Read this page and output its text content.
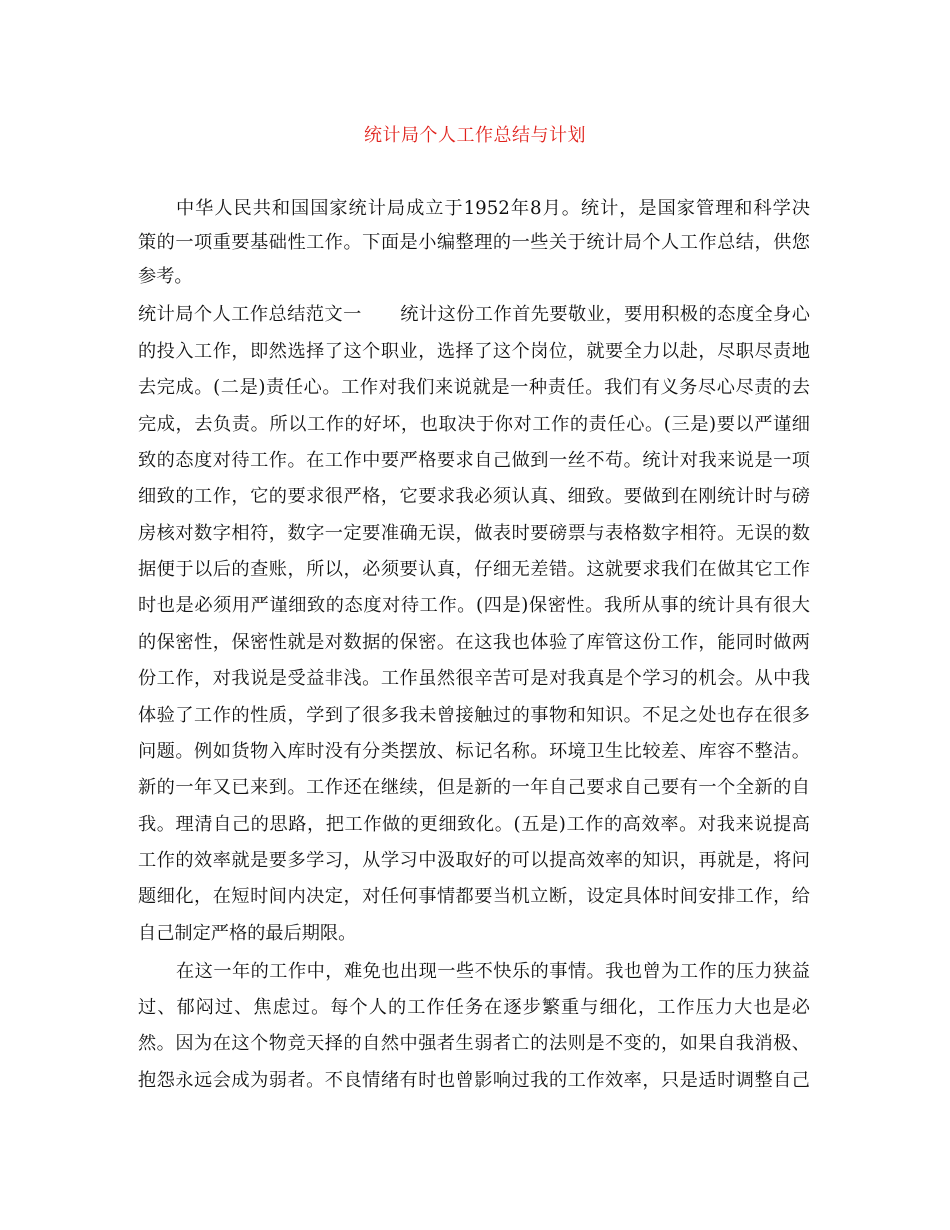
统计局个人工作总结与计划
中华人民共和国国家统计局成立于1952年8月。统计，是国家管理和科学决
策的一项重要基础性工作。下面是小编整理的一些关于统计局个人工作总结，供您
参考。
统计局个人工作总结范文一 统计这份工作首先要敬业，要用积极的态度全身心
的投入工作，即然选择了这个职业，选择了这个岗位，就要全力以赴，尽职尽责地
去完成。(二是)责任心。工作对我们来说就是一种责任。我们有义务尽心尽责的去
完成，去负责。所以工作的好坏，也取决于你对工作的责任心。(三是)要以严谨细
致的态度对待工作。在工作中要严格要求自己做到一丝不苟。统计对我来说是一项
细致的工作，它的要求很严格，它要求我必须认真、细致。要做到在刚统计时与磅
房核对数字相符，数字一定要准确无误，做表时要磅票与表格数字相符。无误的数
据便于以后的查账，所以，必须要认真，仔细无差错。这就要求我们在做其它工作
时也是必须用严谨细致的态度对待工作。(四是)保密性。我所从事的统计具有很大
的保密性，保密性就是对数据的保密。在这我也体验了库管这份工作，能同时做两
份工作，对我说是受益非浅。工作虽然很辛苦可是对我真是个学习的机会。从中我
体验了工作的性质，学到了很多我未曾接触过的事物和知识。不足之处也存在很多
问题。例如货物入库时没有分类摆放、标记名称。环境卫生比较差、库容不整洁。
新的一年又已来到。工作还在继续，但是新的一年自己要求自己要有一个全新的自
我。理清自己的思路，把工作做的更细致化。(五是)工作的高效率。对我来说提高
工作的效率就是要多学习，从学习中汲取好的可以提高效率的知识，再就是，将问
题细化，在短时间内决定，对任何事情都要当机立断，设定具体时间安排工作，给
自己制定严格的最后期限。
在这一年的工作中，难免也出现一些不快乐的事情。我也曾为工作的压力狭益
过、郁闷过、焦虑过。每个人的工作任务在逐步繁重与细化，工作压力大也是必
然。因为在这个物竞天择的自然中强者生弱者亡的法则是不变的，如果自我消极、
抱怨永远会成为弱者。不良情绪有时也曾影响过我的工作效率，只是适时调整自己
